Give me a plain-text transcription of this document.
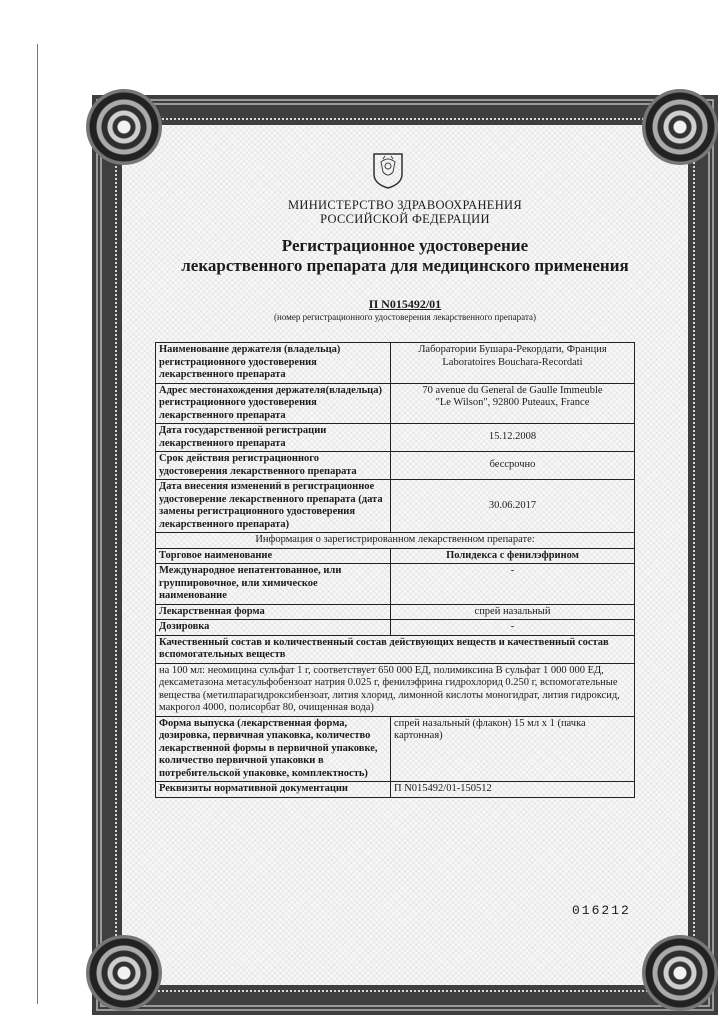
МИНИСТЕРСТВО ЗДРАВООХРАНЕНИЯ
РОССИЙСКОЙ ФЕДЕРАЦИИ
Регистрационное удостоверение
лекарственного препарата для медицинского применения
П N015492/01
(номер регистрационного удостоверения лекарственного препарата)
Наименование держателя (владельца) регистрационного удостоверения лекарственного препарата	Лаборатории Бушара-Рекордати, Франция
Laboratoires Bouchara-Recordati
Адрес местонахождения держателя(владельца) регистрационного удостоверения лекарственного препарата	70 avenue du General de Gaulle Immeuble
"Le Wilson", 92800 Puteaux, France
Дата государственной регистрации лекарственного препарата	15.12.2008
Срок действия регистрационного удостоверения лекарственного препарата	бессрочно
Дата внесения изменений в регистрационное удостоверение лекарственного препарата (дата замены регистрационного удостоверения лекарственного препарата)	30.06.2017
Информация о зарегистрированном лекарственном препарате:	
Торговое наименование	Полидекса с фенилэфрином
Международное непатентованное, или группировочное, или химическое наименование	-
Лекарственная форма	спрей назальный
Дозировка	-
Качественный состав и количественный состав действующих веществ и качественный состав вспомогательных веществ	
на 100 мл: неомицина сульфат 1 г, соответствует 650 000 ЕД, полимиксина В сульфат 1 000 000 ЕД, дексаметазона метасульфобензоат натрия 0.025 г, фенилэфрина гидрохлорид 0.250 г, вспомогательные вещества (метилпарагидроксибензоат, лития хлорид, лимонной кислоты моногидрат, лития гидроксид, макрогол 4000, полисорбат 80, очищенная вода)	
Форма выпуска (лекарственная форма, дозировка, первичная упаковка, количество лекарственной формы в первичной упаковке, количество первичной упаковки в потребительской упаковке, комплектность)	спрей назальный (флакон) 15 мл х 1 (пачка картонная)
Реквизиты нормативной документации	П N015492/01-150512
016212
